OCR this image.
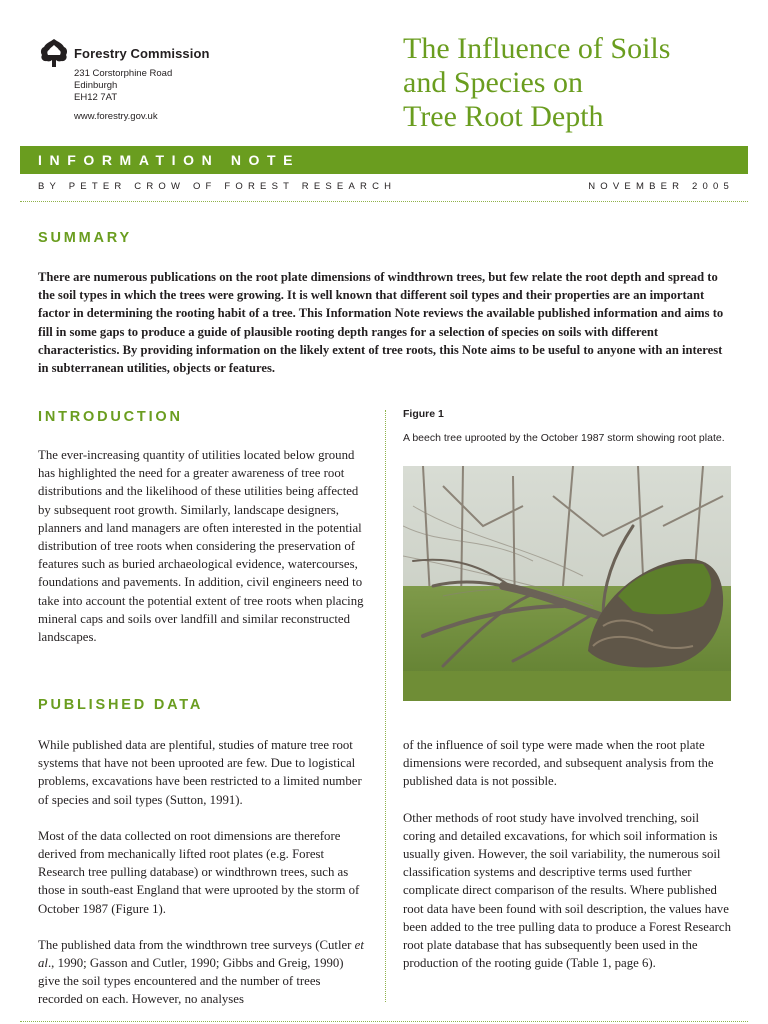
Forestry Commission
231 Corstorphine Road
Edinburgh
EH12 7AT
www.forestry.gov.uk
The Influence of Soils
and Species on
Tree Root Depth
INFORMATION NOTE
BY PETER CROW OF FOREST RESEARCH	NOVEMBER 2005
SUMMARY
There are numerous publications on the root plate dimensions of windthrown trees, but few relate the root depth and spread to the soil types in which the trees were growing. It is well known that different soil types and their properties are an important factor in determining the rooting habit of a tree. This Information Note reviews the available published information and aims to fill in some gaps to produce a guide of plausible rooting depth ranges for a selection of species on soils with different characteristics. By providing information on the likely extent of tree roots, this Note aims to be useful to anyone with an interest in subterranean utilities, objects or features.
INTRODUCTION

The ever-increasing quantity of utilities located below ground has highlighted the need for a greater awareness of tree root distributions and the likelihood of these utilities being affected by subsequent root growth. Similarly, landscape designers, planners and land managers are often interested in the potential distribution of tree roots when considering the preservation of features such as buried archaeological evidence, watercourses, foundations and pavements. In addition, civil engineers need to take into account the potential extent of tree roots when placing mineral caps and soils over landfill and similar reconstructed landscapes.

Figure 1
A beech tree uprooted by the October 1987 storm showing root plate.
PUBLISHED DATA

While published data are plentiful, studies of mature tree root systems that have not been uprooted are few. Due to logistical problems, excavations have been restricted to a limited number of species and soil types (Sutton, 1991).

Most of the data collected on root dimensions are therefore derived from mechanically lifted root plates (e.g. Forest Research tree pulling database) or windthrown trees, such as those in south-east England that were uprooted by the storm of October 1987 (Figure 1).

The published data from the windthrown tree surveys (Cutler et al., 1990; Gasson and Cutler, 1990; Gibbs and Greig, 1990) give the soil types encountered and the number of trees recorded on each. However, no analyses

of the influence of soil type were made when the root plate dimensions were recorded, and subsequent analysis from the published data is not possible.

Other methods of root study have involved trenching, soil coring and detailed excavations, for which soil information is usually given. However, the soil variability, the numerous soil classification systems and descriptive terms used further complicate direct comparison of the results. Where published root data have been found with soil description, the values have been added to the tree pulling data to produce a Forest Research root plate database that has subsequently been used in the production of the rooting guide (Table 1, page 6).
